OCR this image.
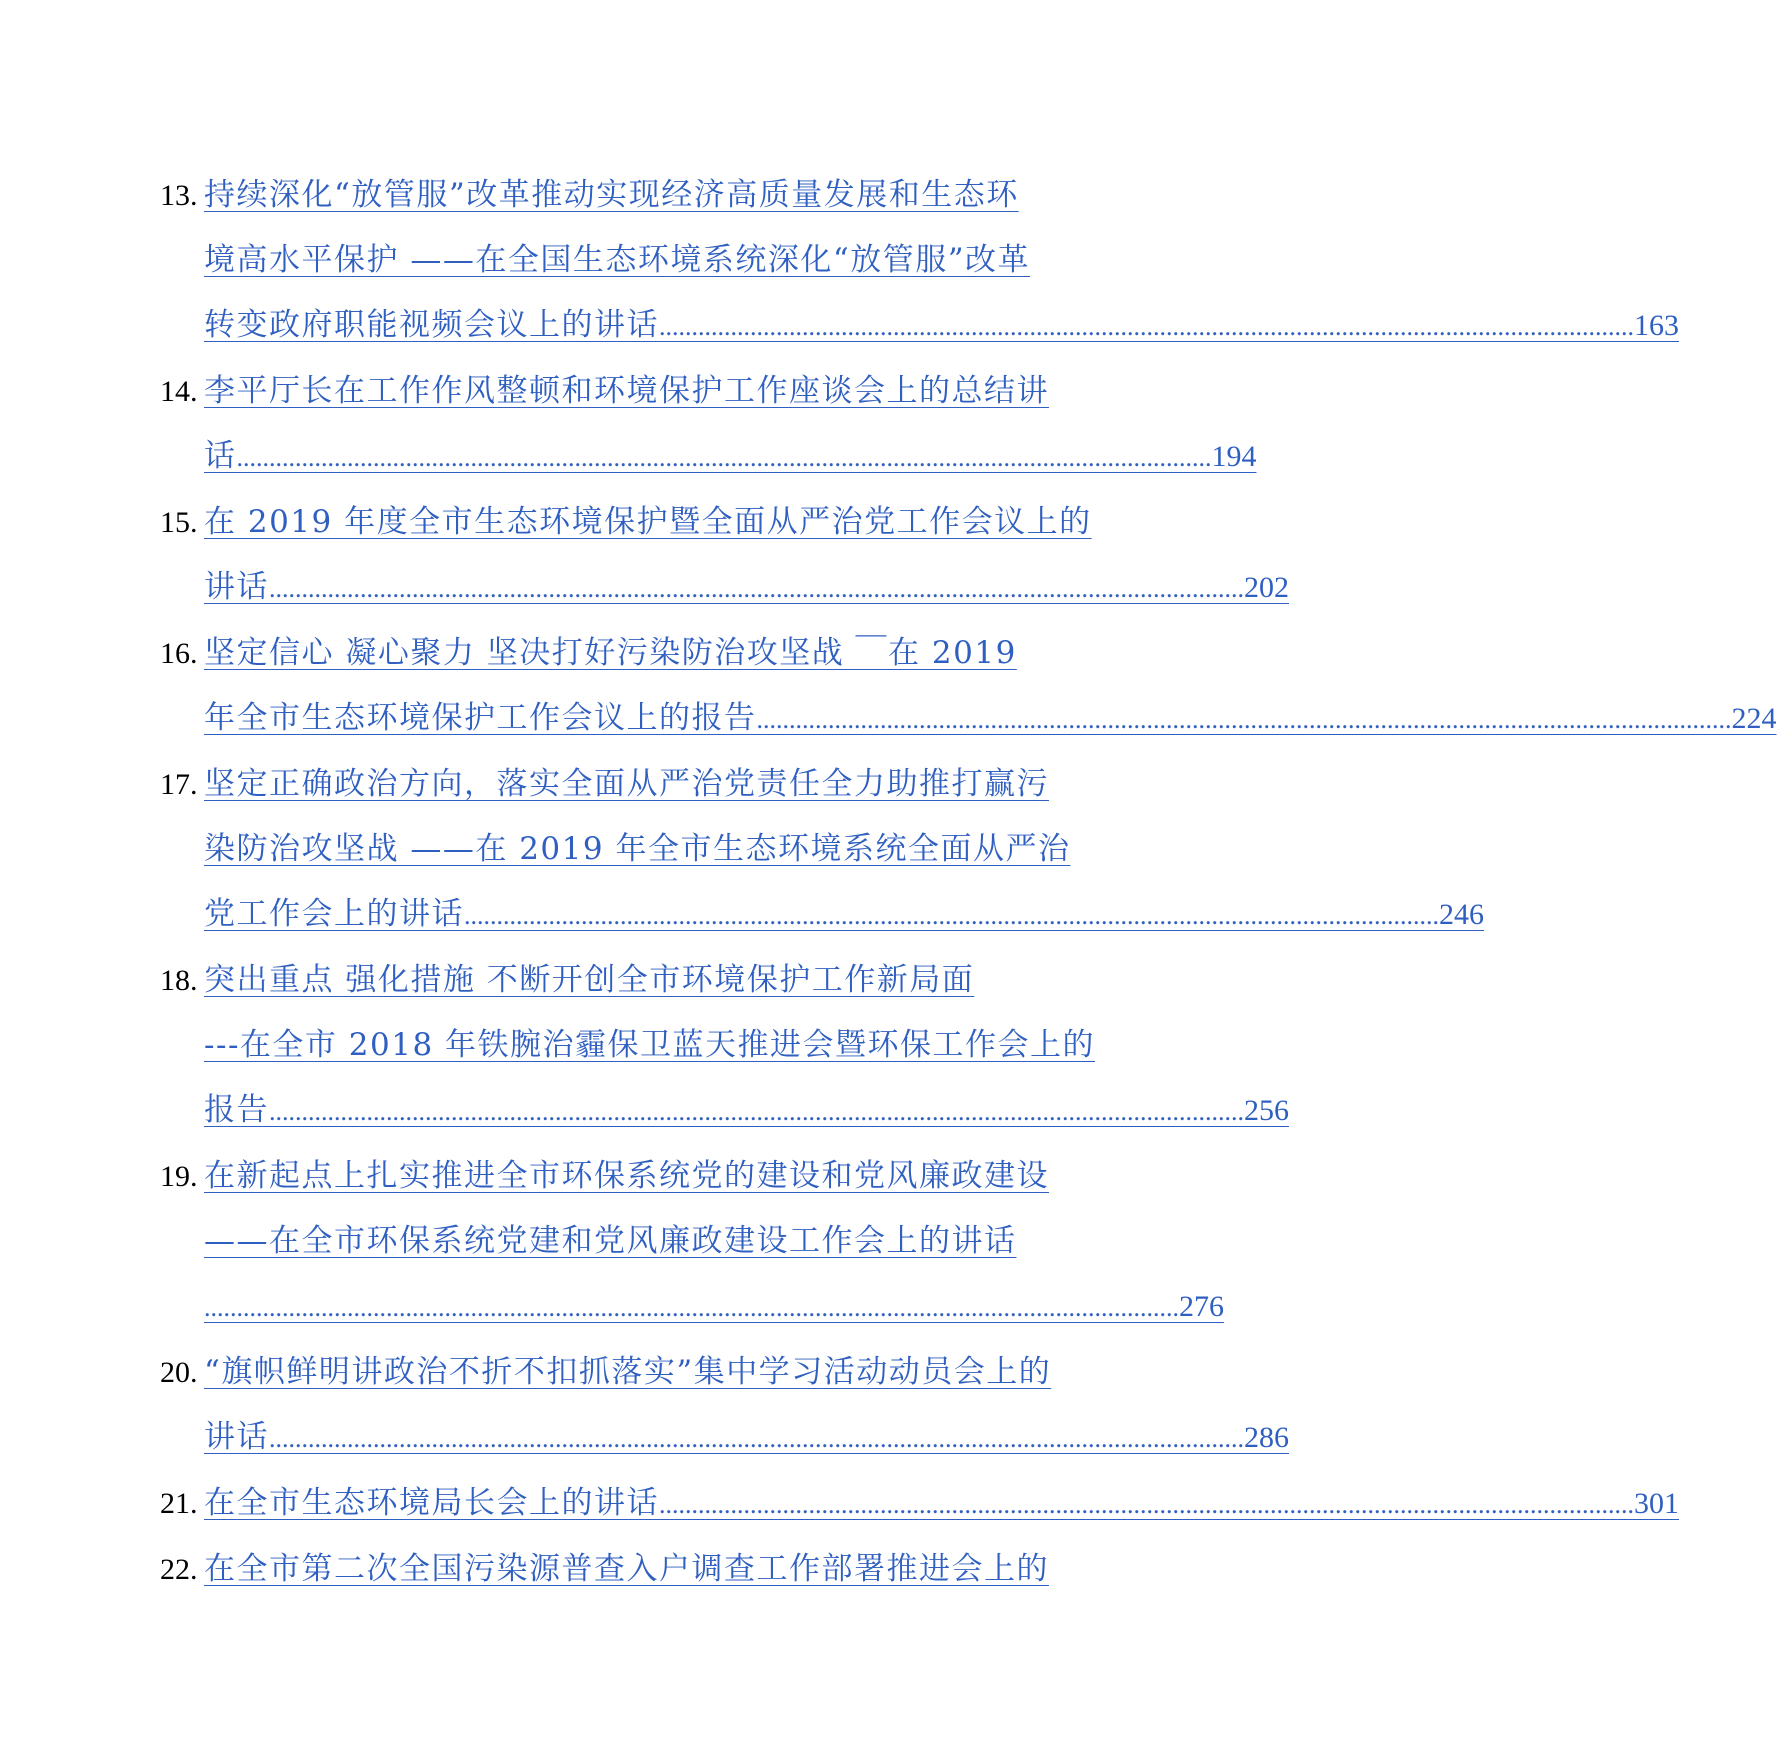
13. 持续深化“放管服”改革推动实现经济高质量发展和生态环
境高水平保护 ——在全国生态环境系统深化“放管服”改革
转变政府职能视频会议上的讲话 ...................................................................................................................................................... 163
14. 李平厅长在工作作风整顿和环境保护工作座谈会上的总结讲
话 ...................................................................................................................................................... 194
15. 在 2019 年度全市生态环境保护暨全面从严治党工作会议上的
讲话 ...................................................................................................................................................... 202
16. 坚定信心 凝心聚力 坚决打好污染防治攻坚战 ￣在 2019
年全市生态环境保护工作会议上的报告 ...................................................................................................................................................... 224
17. 坚定正确政治方向，落实全面从严治党责任全力助推打赢污
染防治攻坚战 ——在 2019 年全市生态环境系统全面从严治
党工作会上的讲话 ...................................................................................................................................................... 246
18. 突出重点 强化措施 不断开创全市环境保护工作新局面
---在全市 2018 年铁腕治霾保卫蓝天推进会暨环保工作会上的
报告 ...................................................................................................................................................... 256
19. 在新起点上扎实推进全市环保系统党的建设和党风廉政建设
——在全市环保系统党建和党风廉政建设工作会上的讲话
...................................................................................................................................................... 276
20. “旗帜鲜明讲政治不折不扣抓落实”集中学习活动动员会上的
讲话 ...................................................................................................................................................... 286
21. 在全市生态环境局长会上的讲话 ...................................................................................................................................................... 301
22. 在全市第二次全国污染源普查入户调查工作部署推进会上的
